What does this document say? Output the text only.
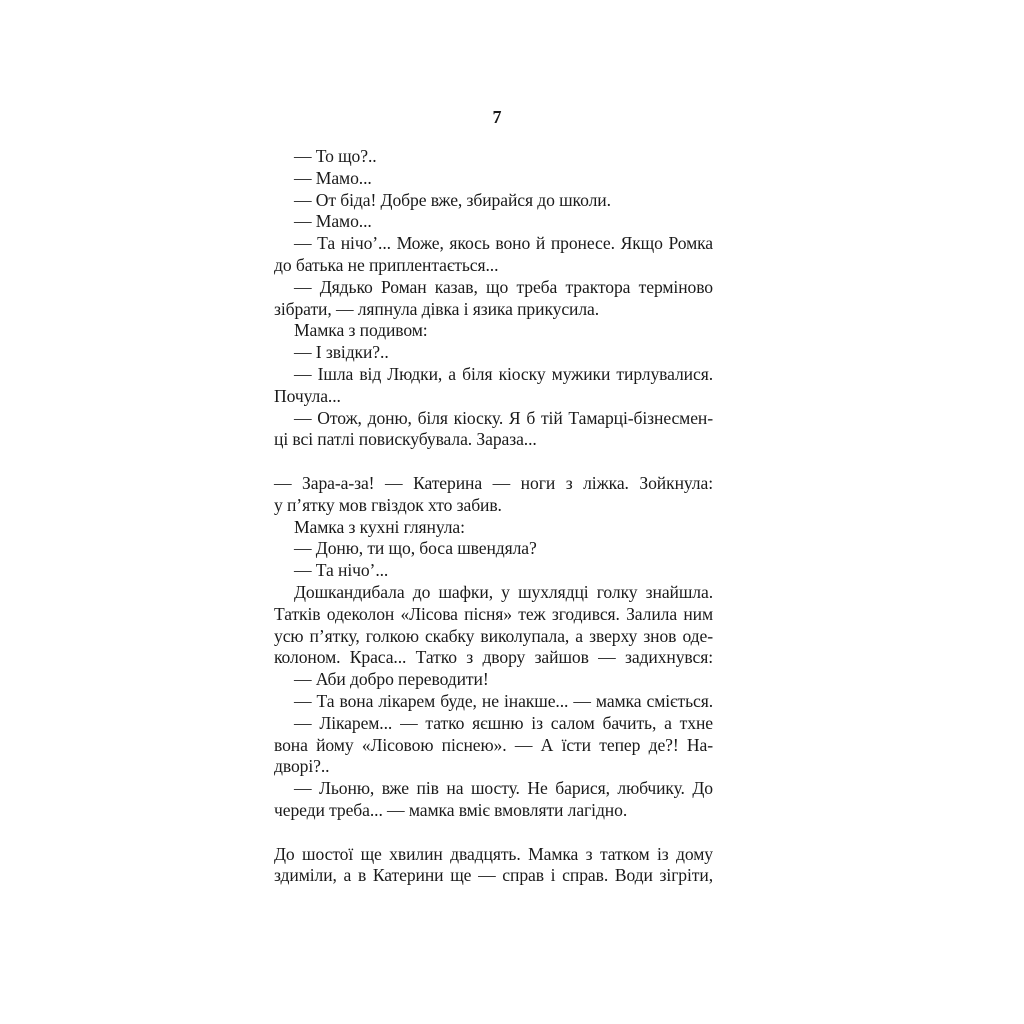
7
— То що?..
— Мамо...
— От біда! Добре вже, збирайся до школи.
— Мамо...
— Та нічо’... Може, якось воно й пронесе. Якщо Ромка
до батька не приплентається...
— Дядько Роман казав, що треба трактора терміново
зібрати, — ляпнула дівка і язика прикусила.
Мамка з подивом:
— І звідки?..
— Ішла від Людки, а біля кіоску мужики тирлувалися.
Почула...
— Отож, доню, біля кіоску. Я б тій Тамарці-бізнесмен-
ці всі патлі повискубувала. Зараза...
— Зара-а-за! — Катерина — ноги з ліжка. Зойкнула:
у п’ятку мов гвіздок хто забив.
Мамка з кухні глянула:
— Доню, ти що, боса швендяла?
— Та нічо’...
Дошкандибала до шафки, у шухлядці голку знайшла.
Татків одеколон «Лісова пісня» теж згодився. Залила ним
усю п’ятку, голкою скабку виколупала, а зверху знов оде-
колоном. Краса... Татко з двору зайшов — задихнувся:
— Аби добро переводити!
— Та вона лікарем буде, не інакше... — мамка сміється.
— Лікарем... — татко яєшню із салом бачить, а тхне
вона йому «Лісовою піснею». — А їсти тепер де?! На-
дворі?..
— Льоню, вже пів на шосту. Не барися, любчику. До
череди треба... — мамка вміє вмовляти лагідно.
До шостої ще хвилин двадцять. Мамка з татком із дому
здиміли, а в Катерини ще — справ і справ. Води зігріти,
